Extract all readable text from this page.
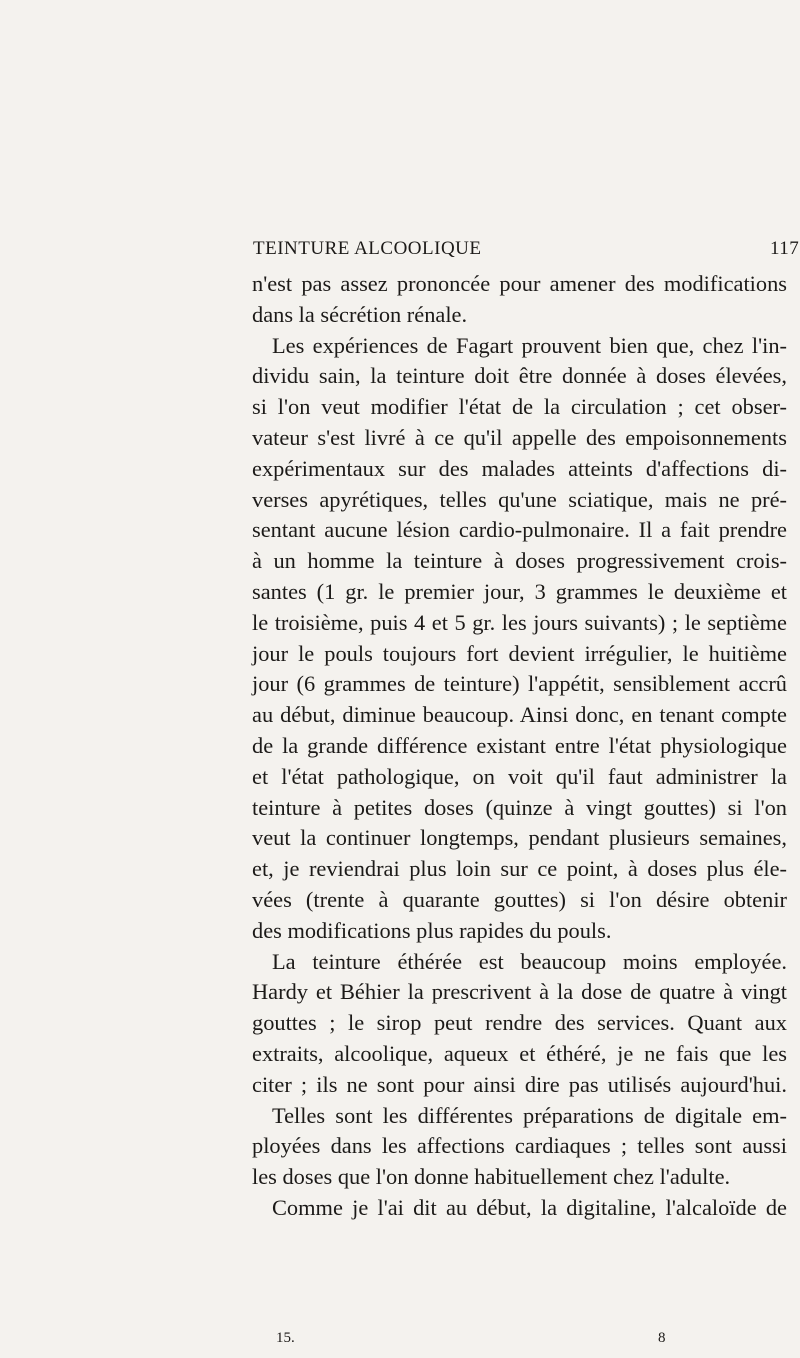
TEINTURE ALCOOLIQUE	117
n'est pas assez prononcée pour amener des modifications
dans la sécrétion rénale.
Les expériences de Fagart prouvent bien que, chez l'in-
dividu sain, la teinture doit être donnée à doses élevées,
si l'on veut modifier l'état de la circulation ; cet obser-
vateur s'est livré à ce qu'il appelle des empoisonnements
expérimentaux sur des malades atteints d'affections di-
verses apyrétiques, telles qu'une sciatique, mais ne pré-
sentant aucune lésion cardio-pulmonaire. Il a fait prendre
à un homme la teinture à doses progressivement crois-
santes (1 gr. le premier jour, 3 grammes le deuxième et
le troisième, puis 4 et 5 gr. les jours suivants) ; le septième
jour le pouls toujours fort devient irrégulier, le huitième
jour (6 grammes de teinture) l'appétit, sensiblement accrû
au début, diminue beaucoup. Ainsi donc, en tenant compte
de la grande différence existant entre l'état physiologique
et l'état pathologique, on voit qu'il faut administrer la
teinture à petites doses (quinze à vingt gouttes) si l'on
veut la continuer longtemps, pendant plusieurs semaines,
et, je reviendrai plus loin sur ce point, à doses plus éle-
vées (trente à quarante gouttes) si l'on désire obtenir
des modifications plus rapides du pouls.
La teinture éthérée est beaucoup moins employée.
Hardy et Béhier la prescrivent à la dose de quatre à vingt
gouttes ; le sirop peut rendre des services. Quant aux
extraits, alcoolique, aqueux et éthéré, je ne fais que les
citer ; ils ne sont pour ainsi dire pas utilisés aujourd'hui.
Telles sont les différentes préparations de digitale em-
ployées dans les affections cardiaques ; telles sont aussi
les doses que l'on donne habituellement chez l'adulte.
Comme je l'ai dit au début, la digitaline, l'alcaloïde de
15.	8
